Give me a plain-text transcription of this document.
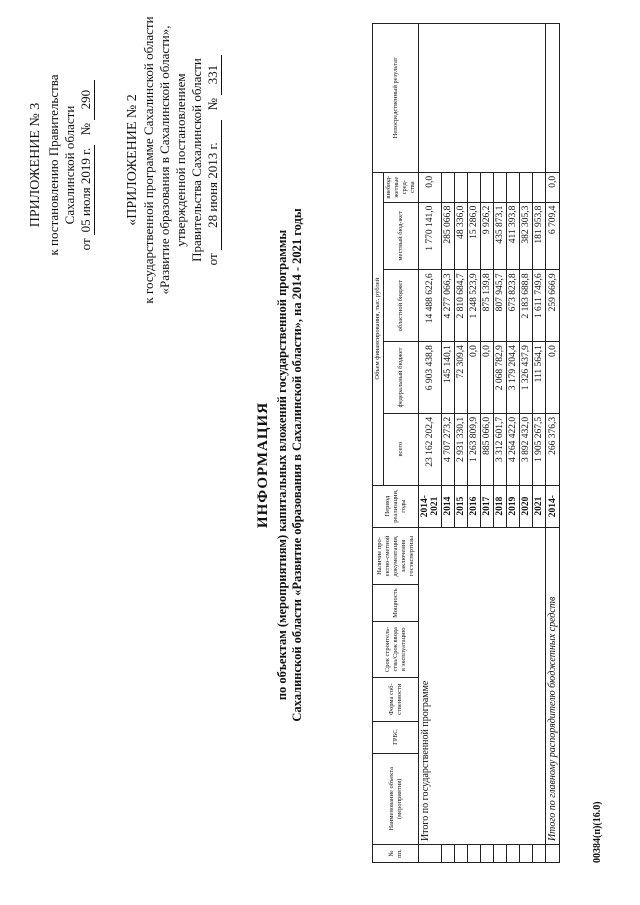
ПРИЛОЖЕНИЕ № 3 к постановлению Правительства Сахалинской области
от 05 июля 2019 г.   № 290 «ПРИЛОЖЕНИЕ № 2 к государственной программе Сахалинской области «Развитие образования в Сахалинской области», утвержденной постановлением Правительства Сахалинской области от 28 июня 2013 г.   № 331
ИНФОРМАЦИЯ по объектам (мероприятиям) капитальных вложений государственной программы Сахалинской области «Развитие образования в Сахалинской области», на 2014 - 2021 годы
№ пп.	Наименование объекта (мероприятия)	ГРБС	Форма соб-ственности	Срок строитель-ства/Срок ввода в эксплуатацию	Мощность	Наличие про-ектно-сметной документации, заключения госэкспертизы	Период реализации, годы	Объем финансирования, тыс. рублей					Непосредственный результат
								всего	федеральный бюджет	областной бюджет	местный бюд-жет	внебюд-жетные сред-ства	
	Итого по государственной программе						2014-2021	23 162 202,4	6 903 438,8	14 488 622,6	1 770 141,0	0,0	
							2014	4 707 273,2	145 140,1	4 277 066,3	285 066,8		
							2015	2 931 330,1	72 309,4	2 810 684,7	48 336,0		
							2016	1 263 809,9	0,0	1 248 523,9	15 286,0		
							2017	885 066,0	0,0	875 139,8	9 926,2		
							2018	3 312 601,7	2 068 782,9	807 945,7	435 873,1		
							2019	4 264 422,0	3 179 204,4	673 823,8	411 393,8		
							2020	3 892 432,0	1 326 437,9	2 183 688,8	382 305,3		
							2021	1 905 267,5	111 564,1	1 611 749,6	181 953,8		
	Итого по главному распорядителю бюджетных средств						2014-	266 376,3	0,0	259 666,9	6 709,4	0,0	
00384(п)(16.0)
